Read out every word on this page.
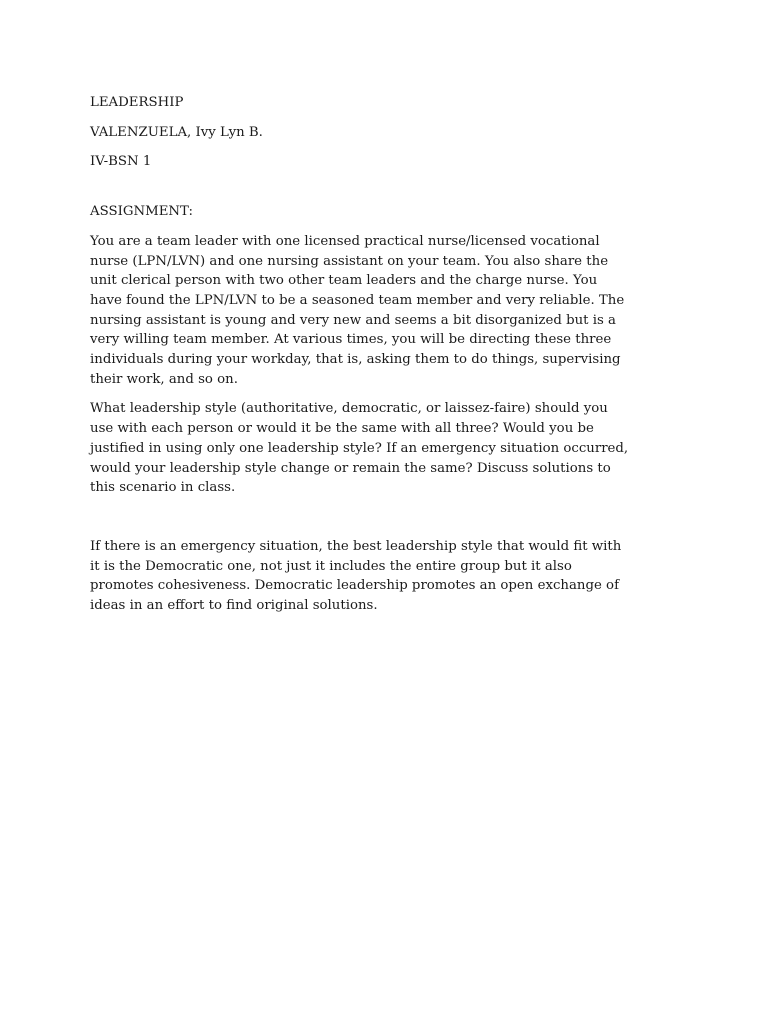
LEADERSHIP

VALENZUELA, Ivy Lyn B.

IV-BSN 1

ASSIGNMENT:

You are a team leader with one licensed practical nurse/licensed vocational
nurse (LPN/LVN) and one nursing assistant on your team. You also share the
unit clerical person with two other team leaders and the charge nurse. You
have found the LPN/LVN to be a seasoned team member and very reliable. The
nursing assistant is young and very new and seems a bit disorganized but is a
very willing team member. At various times, you will be directing these three
individuals during your workday, that is, asking them to do things, supervising
their work, and so on.
What leadership style (authoritative, democratic, or laissez-faire) should you
use with each person or would it be the same with all three? Would you be
justified in using only one leadership style? If an emergency situation occurred,
would your leadership style change or remain the same? Discuss solutions to
this scenario in class.
If there is an emergency situation, the best leadership style that would fit with
it is the Democratic one, not just it includes the entire group but it also
promotes cohesiveness. Democratic leadership promotes an open exchange of
ideas in an effort to find original solutions.
